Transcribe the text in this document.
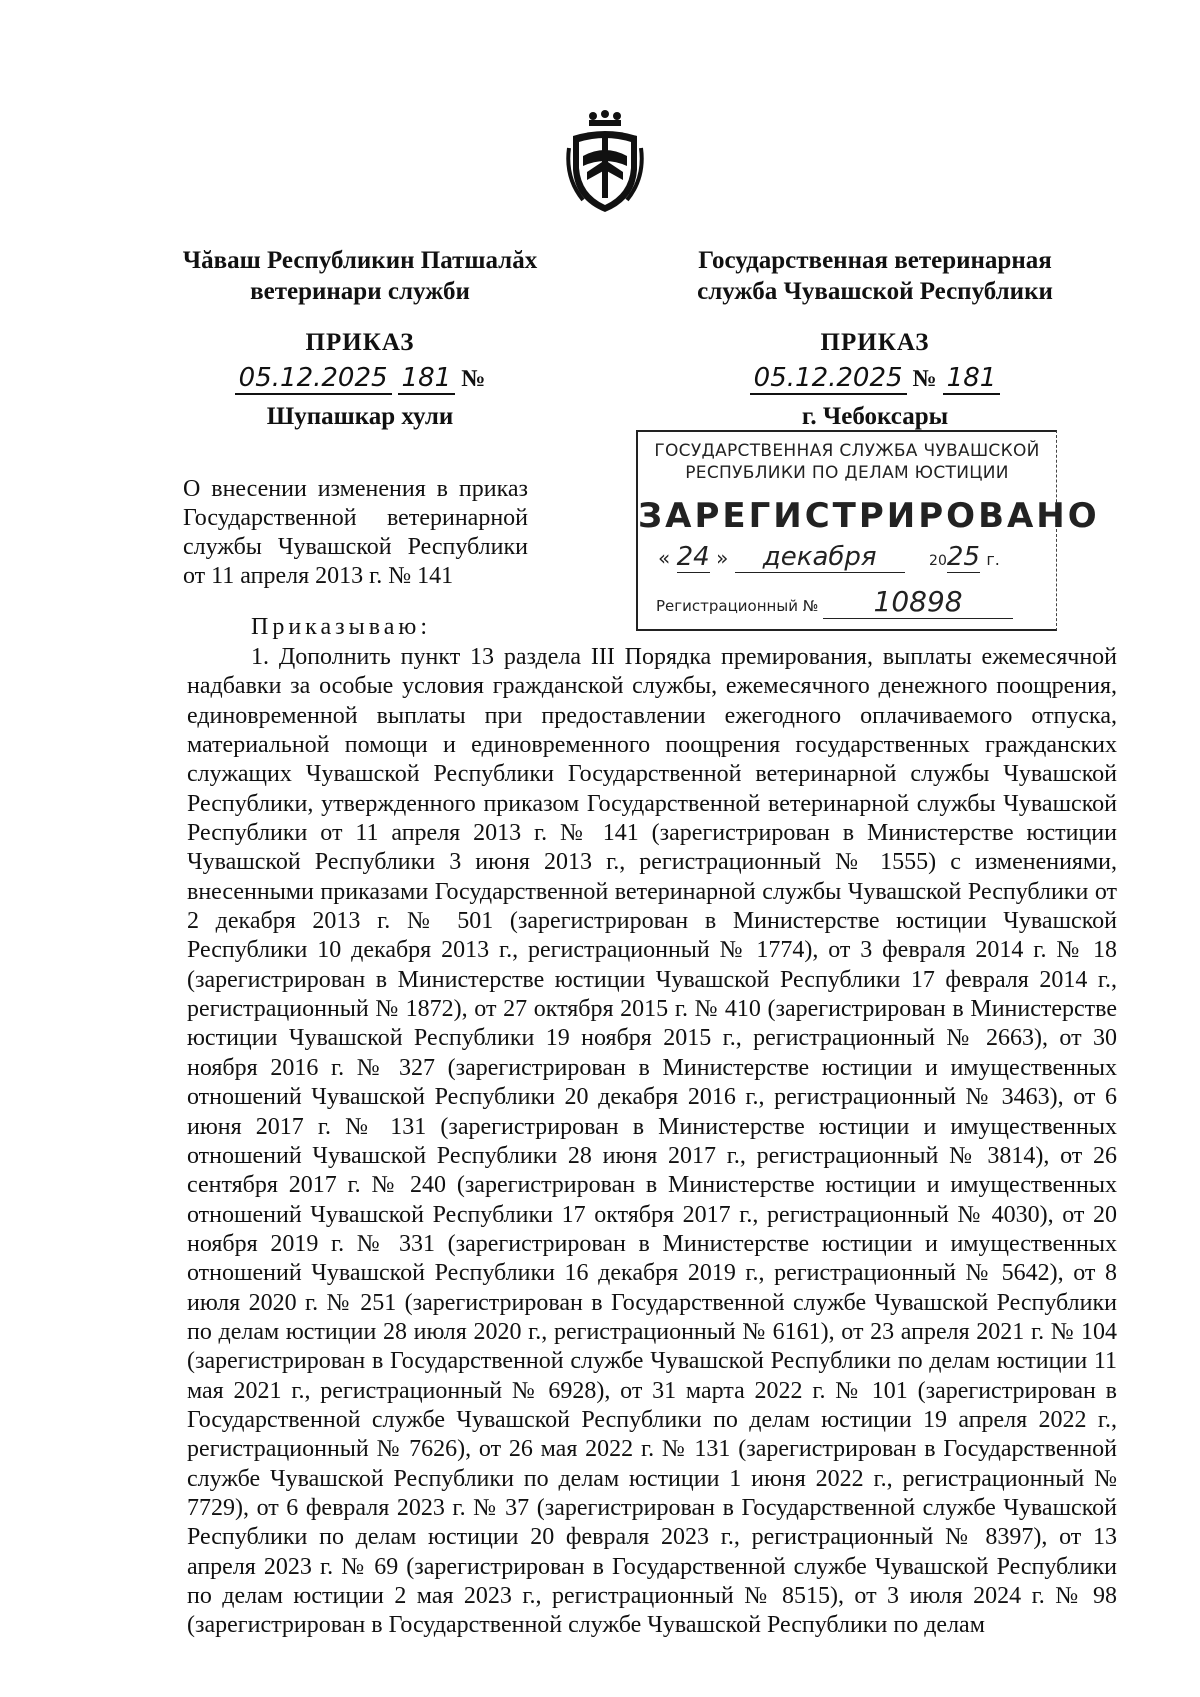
Чăваш Республикин Патшалăх
ветеринари служби
ПРИКАЗ
05.12.2025 181 №
Шупашкар хули
Государственная ветеринарная
служба Чувашской Республики
ПРИКАЗ
05.12.2025 № 181
г. Чебоксары
О внесении изменения в приказ Государственной ветеринарной службы Чувашской Республики от 11 апреля 2013 г. № 141
ГОСУДАРСТВЕННАЯ СЛУЖБА ЧУВАШСКОЙ
РЕСПУБЛИКИ ПО ДЕЛАМ ЮСТИЦИИ
ЗАРЕГИСТРИРОВАНО
« 24 » декабря	2025 г.
Регистрационный № 10898
Приказываю:

1. Дополнить пункт 13 раздела III Порядка премирования, выплаты ежемесячной надбавки за особые условия гражданской службы, ежемесячного денежного поощрения, единовременной выплаты при предоставлении ежегодного оплачиваемого отпуска, материальной помощи и единовременного поощрения государственных гражданских служащих Чувашской Республики Государственной ветеринарной службы Чувашской Республики, утвержденного приказом Государственной ветеринарной службы Чувашской Республики от 11 апреля 2013 г. № 141 (зарегистрирован в Министерстве юстиции Чувашской Республики 3 июня 2013 г., регистрационный № 1555) с изменениями, внесенными приказами Государственной ветеринарной службы Чувашской Республики от 2 декабря 2013 г. № 501 (зарегистрирован в Министерстве юстиции Чувашской Республики 10 декабря 2013 г., регистрационный № 1774), от 3 февраля 2014 г. № 18 (зарегистрирован в Министерстве юстиции Чувашской Республики 17 февраля 2014 г., регистрационный № 1872), от 27 октября 2015 г. № 410 (зарегистрирован в Министерстве юстиции Чувашской Республики 19 ноября 2015 г., регистрационный № 2663), от 30 ноября 2016 г. № 327 (зарегистрирован в Министерстве юстиции и имущественных отношений Чувашской Республики 20 декабря 2016 г., регистрационный № 3463), от 6 июня 2017 г. № 131 (зарегистрирован в Министерстве юстиции и имущественных отношений Чувашской Республики 28 июня 2017 г., регистрационный № 3814), от 26 сентября 2017 г. № 240 (зарегистрирован в Министерстве юстиции и имущественных отношений Чувашской Республики 17 октября 2017 г., регистрационный № 4030), от 20 ноября 2019 г. № 331 (зарегистрирован в Министерстве юстиции и имущественных отношений Чувашской Республики 16 декабря 2019 г., регистрационный № 5642), от 8 июля 2020 г. № 251 (зарегистрирован в Государственной службе Чувашской Республики по делам юстиции 28 июля 2020 г., регистрационный № 6161), от 23 апреля 2021 г. № 104 (зарегистрирован в Государственной службе Чувашской Республики по делам юстиции 11 мая 2021 г., регистрационный № 6928), от 31 марта 2022 г. № 101 (зарегистрирован в Государственной службе Чувашской Республики по делам юстиции 19 апреля 2022 г., регистрационный № 7626), от 26 мая 2022 г. № 131 (зарегистрирован в Государственной службе Чувашской Республики по делам юстиции 1 июня 2022 г., регистрационный № 7729), от 6 февраля 2023 г. № 37 (зарегистрирован в Государственной службе Чувашской Республики по делам юстиции 20 февраля 2023 г., регистрационный № 8397), от 13 апреля 2023 г. № 69 (зарегистрирован в Государственной службе Чувашской Республики по делам юстиции 2 мая 2023 г., регистрационный № 8515), от 3 июля 2024 г. № 98 (зарегистрирован в Государственной службе Чувашской Республики по делам
